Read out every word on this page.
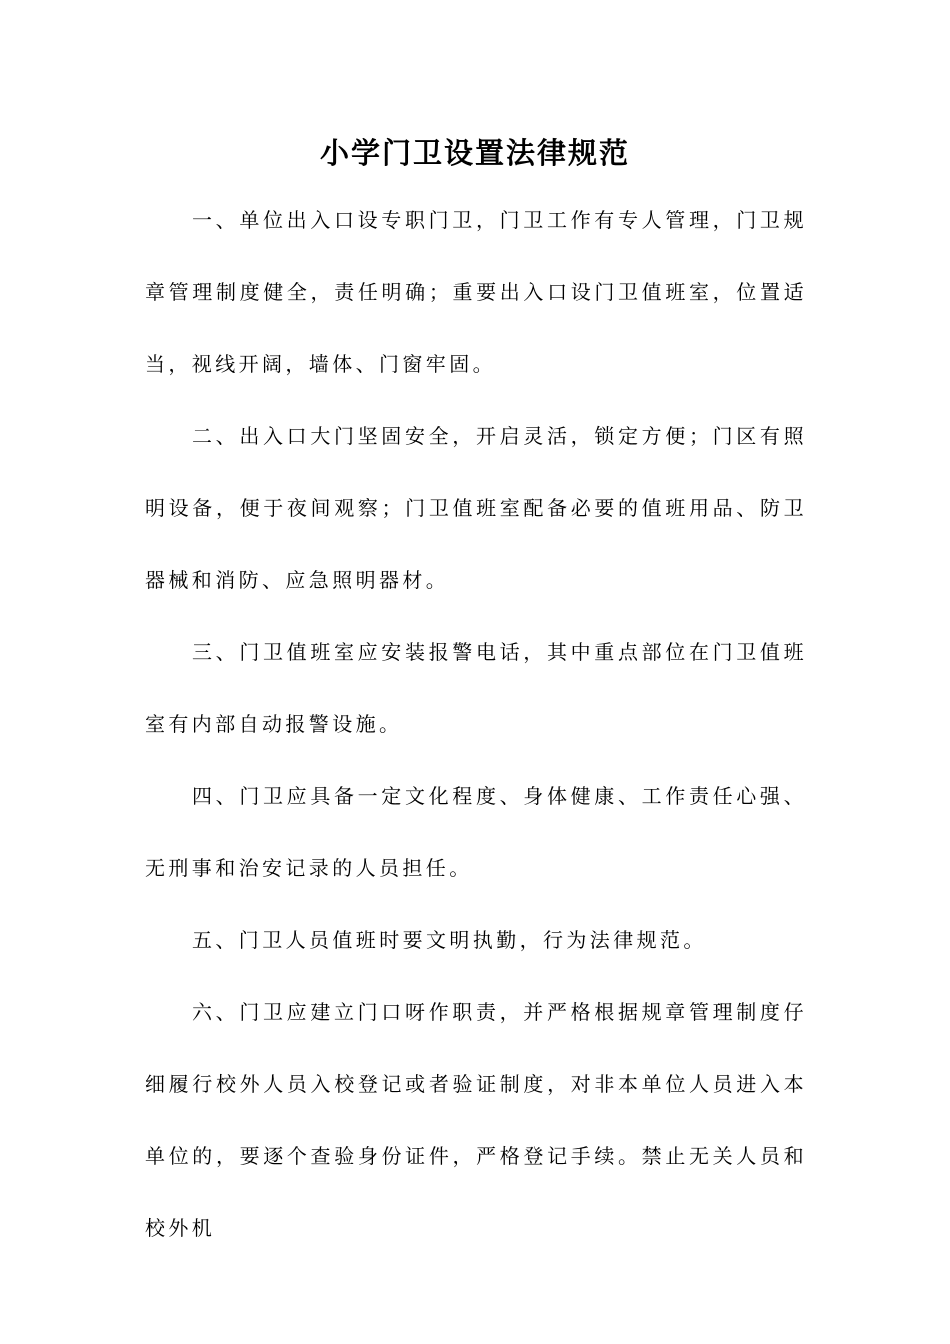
小学门卫设置法律规范

一、单位出入口设专职门卫，门卫工作有专人管理，门卫规章管理制度健全，责任明确；重要出入口设门卫值班室，位置适当，视线开阔，墙体、门窗牢固。

二、出入口大门坚固安全，开启灵活，锁定方便；门区有照明设备，便于夜间观察；门卫值班室配备必要的值班用品、防卫器械和消防、应急照明器材。

三、门卫值班室应安装报警电话，其中重点部位在门卫值班室有内部自动报警设施。

四、门卫应具备一定文化程度、身体健康、工作责任心强、无刑事和治安记录的人员担任。

五、门卫人员值班时要文明执勤，行为法律规范。

六、门卫应建立门口呀作职责，并严格根据规章管理制度仔细履行校外人员入校登记或者验证制度，对非本单位人员进入本单位的，要逐个查验身份证件，严格登记手续。禁止无关人员和校外机
